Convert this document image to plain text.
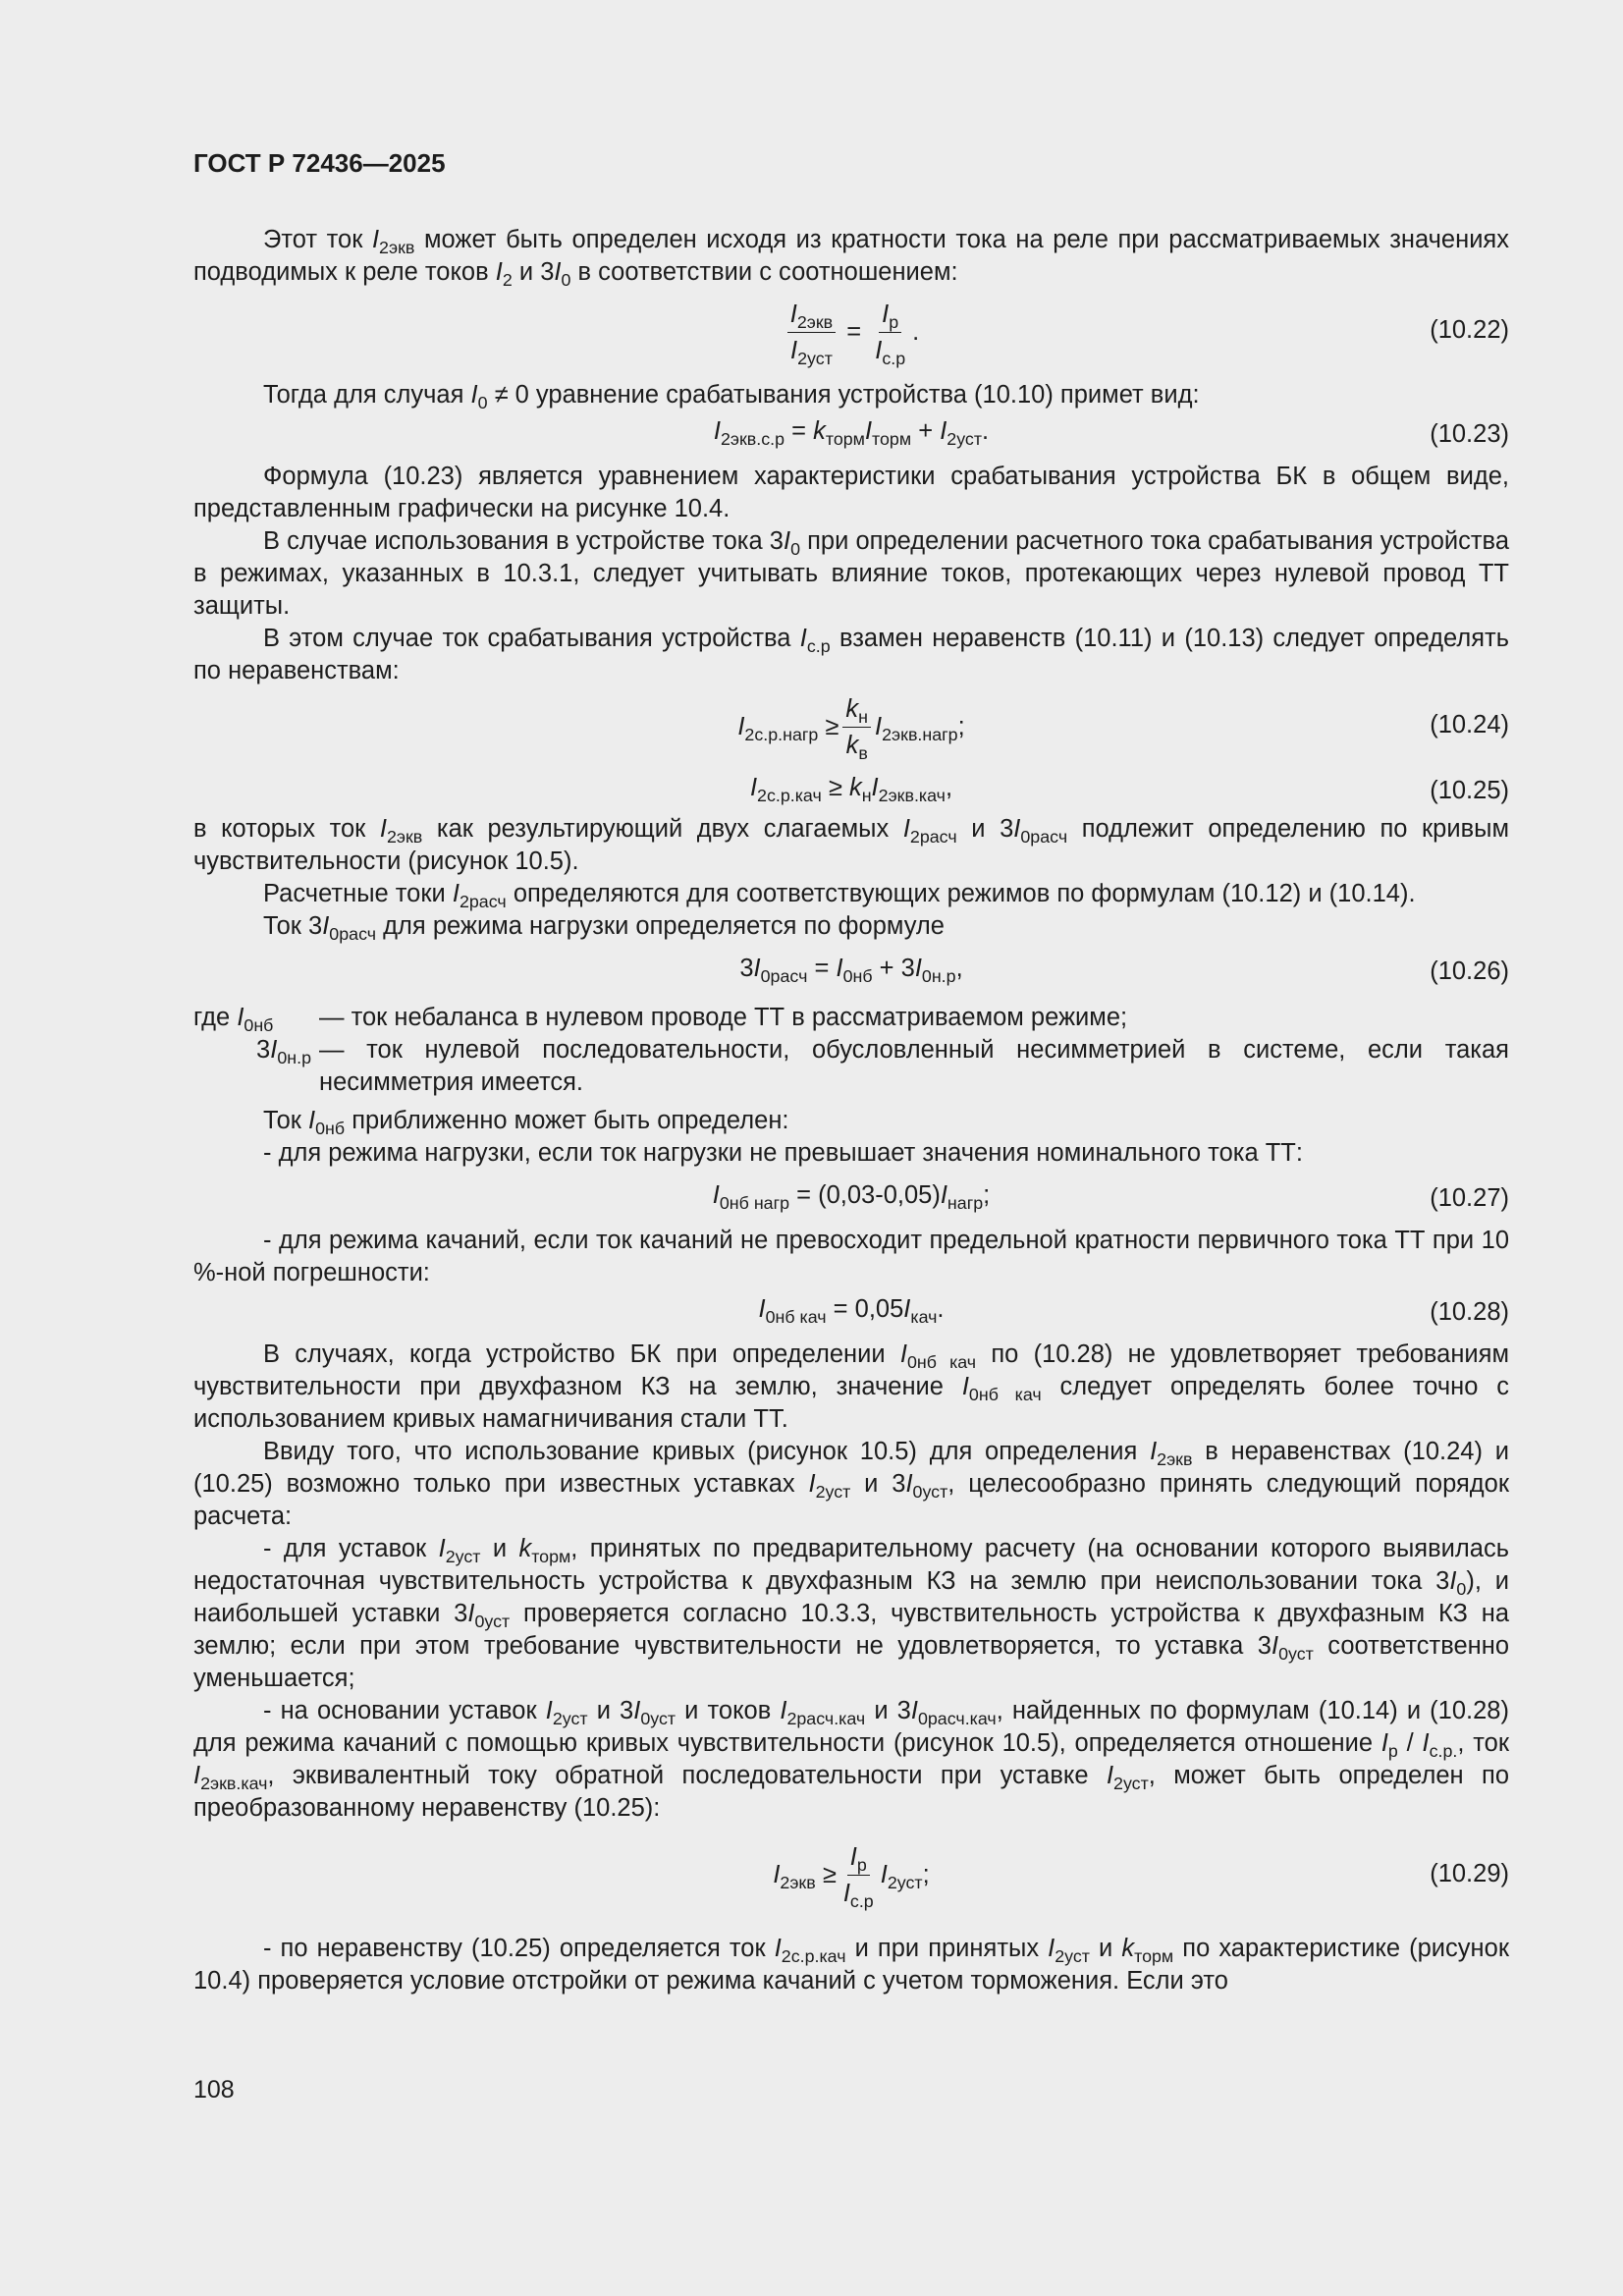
ГОСТ Р 72436—2025

Этот ток $I_{2экв}$ может быть определен исходя из кратности тока на реле при рассматриваемых значениях подводимых к реле токов $I_2$ и $3I_0$ в соответствии с соотношением:

$\frac{I_{2экв}}{I_{2уст}} = \frac{I_р}{I_{с.р}}$ .	(10.22)

Тогда для случая $I_0 \ne 0$ уравнение срабатывания устройства (10.10) примет вид:

$I_{2экв.с.р} = k_{торм}I_{торм} + I_{2уст}$.	(10.23)

Формула (10.23) является уравнением характеристики срабатывания устройства БК в общем виде, представленным графически на рисунке 10.4.

В случае использования в устройстве тока $3I_0$ при определении расчетного тока срабатывания устройства в режимах, указанных в 10.3.1, следует учитывать влияние токов, протекающих через нулевой провод ТТ защиты.

В этом случае ток срабатывания устройства $I_{с.р}$ взамен неравенств (10.11) и (10.13) следует определять по неравенствам:

$I_{2с.р.нагр} \ge \frac{k_н}{k_в} I_{2экв.нагр}$;	(10.24)
$I_{2с.р.кач} \ge k_нI_{2экв.кач}$,	(10.25)

в которых ток $I_{2экв}$ как результирующий двух слагаемых $I_{2расч}$ и $3I_{0расч}$ подлежит определению по кривым чувствительности (рисунок 10.5).

Расчетные токи $I_{2расч}$ определяются для соответствующих режимов по формулам (10.12) и (10.14).

Ток $3I_{0расч}$ для режима нагрузки определяется по формуле

$3I_{0расч} = I_{0нб} + 3I_{0н.р}$,	(10.26)
где $I_{0нб}$	— ток небаланса в нулевом проводе ТТ в рассматриваемом режиме;
$3I_{0н.р}$ — ток нулевой последовательности, обусловленный несимметрией в системе, если такая несимметрия имеется.

Ток $I_{0нб}$ приближенно может быть определен:

- для режима нагрузки, если ток нагрузки не превышает значения номинального тока ТТ:

$I_{0нб нагр} = (0,03-0,05)I_{нагр}$;	(10.27)

- для режима качаний, если ток качаний не превосходит предельной кратности первичного тока ТТ при 10 %-ной погрешности:

$I_{0нб кач} = 0,05I_{кач}$.	(10.28)

В случаях, когда устройство БК при определении $I_{0нб кач}$ по (10.28) не удовлетворяет требованиям чувствительности при двухфазном КЗ на землю, значение $I_{0нб кач}$ следует определять более точно с использованием кривых намагничивания стали ТТ.

Ввиду того, что использование кривых (рисунок 10.5) для определения $I_{2экв}$ в неравенствах (10.24) и (10.25) возможно только при известных уставках $I_{2уст}$ и $3I_{0уст}$, целесообразно принять следующий порядок расчета:

- для уставок $I_{2уст}$ и $k_{торм}$, принятых по предварительному расчету (на основании которого выявилась недостаточная чувствительность устройства к двухфазным КЗ на землю при неиспользовании тока $3I_0$), и наибольшей уставки $3I_{0уст}$ проверяется согласно 10.3.3, чувствительность устройства к двухфазным КЗ на землю; если при этом требование чувствительности не удовлетворяется, то уставка $3I_{0уст}$ соответственно уменьшается;

- на основании уставок $I_{2уст}$ и $3I_{0уст}$ и токов $I_{2расч.кач}$ и $3I_{0расч.кач}$, найденных по формулам (10.14) и (10.28) для режима качаний с помощью кривых чувствительности (рисунок 10.5), определяется отношение $I_р / I_{с.р.}$, ток $I_{2экв.кач}$, эквивалентный току обратной последовательности при уставке $I_{2уст}$, может быть определен по преобразованному неравенству (10.25):

$I_{2экв} \ge \frac{I_р}{I_{с.р}} I_{2уст}$;	(10.29)

- по неравенству (10.25) определяется ток $I_{2с.р.кач}$ и при принятых $I_{2уст}$ и $k_{торм}$ по характеристике (рисунок 10.4) проверяется условие отстройки от режима качаний с учетом торможения. Если это

108
